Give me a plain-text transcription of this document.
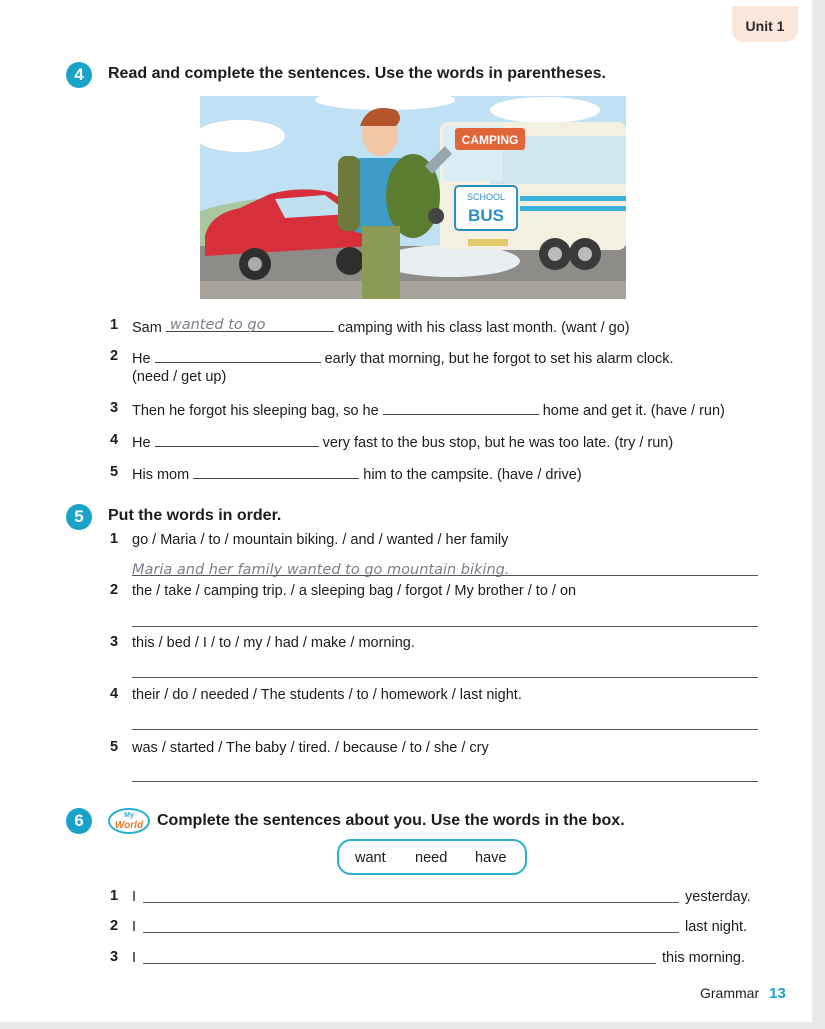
Unit 1
4	Read and complete the sentences. Use the words in parentheses.
CAMPING
SCHOOL
BUS
1 Sam wanted to go	camping with his class last month. (want / go)
2 He	early that morning, but he forgot to set his alarm clock.
(need / get up)
3 Then he forgot his sleeping bag, so he	home and get it. (have / run)
4 He	very fast to the bus stop, but he was too late. (try / run)
5 His mom	him to the campsite. (have / drive)
5	Put the words in order.
1 go / Maria / to / mountain biking. / and / wanted / her family
Maria and her family wanted to go mountain biking.
2 the / take / camping trip. / a sleeping bag / forgot / My brother / to / on
3 this / bed / I / to / my / had / make / morning.
4 their / do / needed / The students / to / homework / last night.
5 was / started / The baby / tired. / because / to / she / cry
6	My
World Complete the sentences about you. Use the words in the box.
want need have
1 I	yesterday.
2 I	last night.
3 I	this morning.
Grammar 13
